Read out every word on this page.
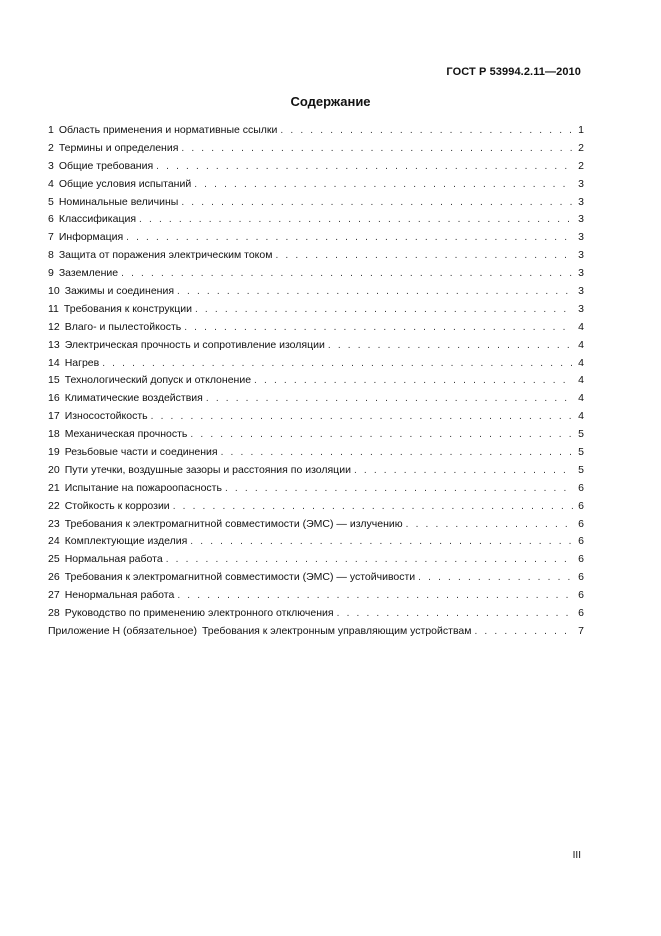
ГОСТ Р 53994.2.11—2010
Содержание
1 Область применения и нормативные ссылки . . .	1
2 Термины и определения . . .	2
3 Общие требования . . .	2
4 Общие условия испытаний . . .	3
5 Номинальные величины . . .	3
6 Классификация . . .	3
7 Информация . . .	3
8 Защита от поражения электрическим током . . .	3
9 Заземление . . .	3
10 Зажимы и соединения . . .	3
11 Требования к конструкции . . .	3
12 Влаго- и пылестойкость . . .	4
13 Электрическая прочность и сопротивление изоляции . . .	4
14 Нагрев . . .	4
15 Технологический допуск и отклонение . . .	4
16 Климатические воздействия . . .	4
17 Износостойкость . . .	4
18 Механическая прочность . . .	5
19 Резьбовые части и соединения . . .	5
20 Пути утечки, воздушные зазоры и расстояния по изоляции . . .	5
21 Испытание на пожароопасность . . .	6
22 Стойкость к коррозии . . .	6
23 Требования к электромагнитной совместимости (ЭМС) — излучению . . .	6
24 Комплектующие изделия . . .	6
25 Нормальная работа . . .	6
26 Требования к электромагнитной совместимости (ЭМС) — устойчивости . . .	6
27 Ненормальная работа . . .	6
28 Руководство по применению электронного отключения . . .	6
Приложение Н (обязательное) Требования к электронным управляющим устройствам . . .	7
III
